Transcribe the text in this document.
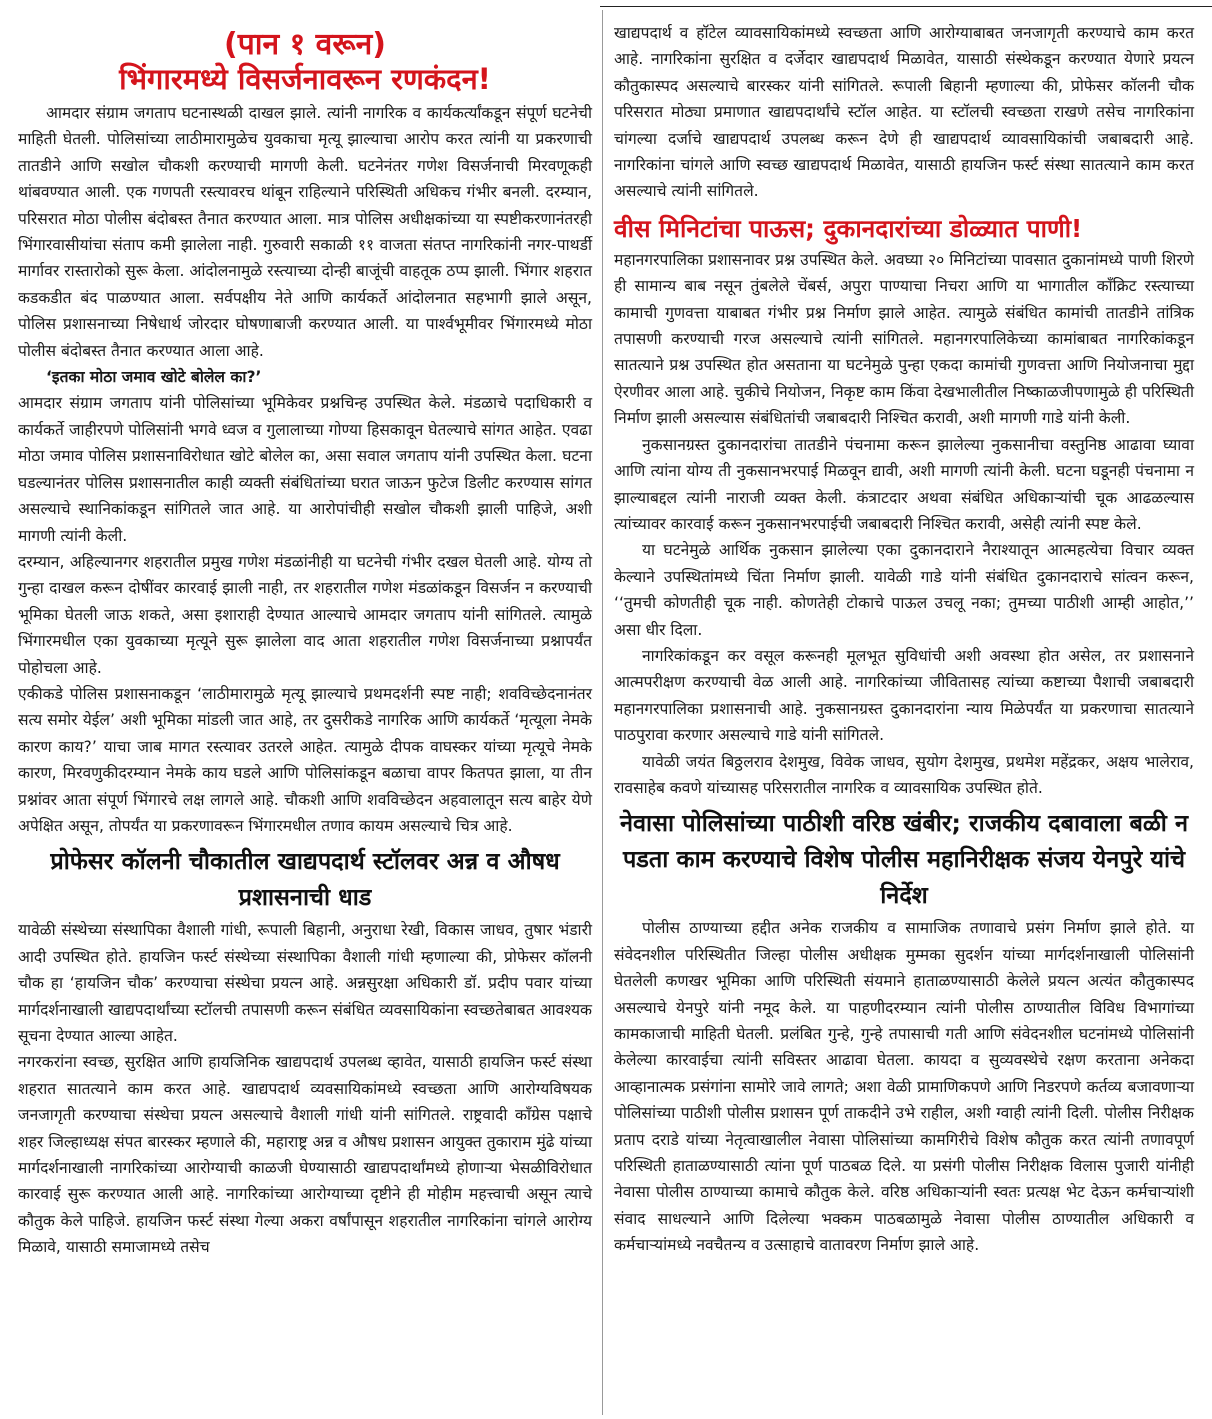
(पान १ वरून)
भिंगारमध्ये विसर्जनावरून रणकंदन!

आमदार संग्राम जगताप घटनास्थळी दाखल झाले. त्यांनी नागरिक व कार्यकर्त्यांकडून संपूर्ण घटनेची माहिती घेतली. पोलिसांच्या लाठीमारामुळेच युवकाचा मृत्यू झाल्याचा आरोप करत त्यांनी या प्रकरणाची तातडीने आणि सखोल चौकशी करण्याची मागणी केली. घटनेनंतर गणेश विसर्जनाची मिरवणूकही थांबवण्यात आली. एक गणपती रस्त्यावरच थांबून राहिल्याने परिस्थिती अधिकच गंभीर बनली. दरम्यान, परिसरात मोठा पोलीस बंदोबस्त तैनात करण्यात आला. मात्र पोलिस अधीक्षकांच्या या स्पष्टीकरणानंतरही भिंगारवासीयांचा संताप कमी झालेला नाही. गुरुवारी सकाळी ११ वाजता संतप्त नागरिकांनी नगर-पाथर्डी मार्गावर रास्तारोको सुरू केला. आंदोलनामुळे रस्त्याच्या दोन्ही बाजूंची वाहतूक ठप्प झाली. भिंगार शहरात कडकडीत बंद पाळण्यात आला. सर्वपक्षीय नेते आणि कार्यकर्ते आंदोलनात सहभागी झाले असून, पोलिस प्रशासनाच्या निषेधार्थ जोरदार घोषणाबाजी करण्यात आली. या पार्श्वभूमीवर भिंगारमध्ये मोठा पोलीस बंदोबस्त तैनात करण्यात आला आहे.

‘इतका मोठा जमाव खोटे बोलेल का?’

आमदार संग्राम जगताप यांनी पोलिसांच्या भूमिकेवर प्रश्नचिन्ह उपस्थित केले. मंडळाचे पदाधिकारी व कार्यकर्ते जाहीरपणे पोलिसांनी भगवे ध्वज व गुलालाच्या गोण्या हिसकावून घेतल्याचे सांगत आहेत. एवढा मोठा जमाव पोलिस प्रशासनाविरोधात खोटे बोलेल का, असा सवाल जगताप यांनी उपस्थित केला. घटना घडल्यानंतर पोलिस प्रशासनातील काही व्यक्ती संबंधितांच्या घरात जाऊन फुटेज डिलीट करण्यास सांगत असल्याचे स्थानिकांकडून सांगितले जात आहे. या आरोपांचीही सखोल चौकशी झाली पाहिजे, अशी मागणी त्यांनी केली.

दरम्यान, अहिल्यानगर शहरातील प्रमुख गणेश मंडळांनीही या घटनेची गंभीर दखल घेतली आहे. योग्य तो गुन्हा दाखल करून दोषींवर कारवाई झाली नाही, तर शहरातील गणेश मंडळांकडून विसर्जन न करण्याची भूमिका घेतली जाऊ शकते, असा इशाराही देण्यात आल्याचे आमदार जगताप यांनी सांगितले. त्यामुळे भिंगारमधील एका युवकाच्या मृत्यूने सुरू झालेला वाद आता शहरातील गणेश विसर्जनाच्या प्रश्नापर्यंत पोहोचला आहे.

एकीकडे पोलिस प्रशासनाकडून ‘लाठीमारामुळे मृत्यू झाल्याचे प्रथमदर्शनी स्पष्ट नाही; शवविच्छेदनानंतर सत्य समोर येईल’ अशी भूमिका मांडली जात आहे, तर दुसरीकडे नागरिक आणि कार्यकर्ते ‘मृत्यूला नेमके कारण काय?’ याचा जाब मागत रस्त्यावर उतरले आहेत. त्यामुळे दीपक वाघस्कर यांच्या मृत्यूचे नेमके कारण, मिरवणुकीदरम्यान नेमके काय घडले आणि पोलिसांकडून बळाचा वापर कितपत झाला, या तीन प्रश्नांवर आता संपूर्ण भिंगारचे लक्ष लागले आहे. चौकशी आणि शवविच्छेदन अहवालातून सत्य बाहेर येणे अपेक्षित असून, तोपर्यंत या प्रकरणावरून भिंगारमधील तणाव कायम असल्याचे चित्र आहे.

प्रोफेसर कॉलनी चौकातील खाद्यपदार्थ स्टॉलवर अन्न व औषध प्रशासनाची धाड

यावेळी संस्थेच्या संस्थापिका वैशाली गांधी, रूपाली बिहानी, अनुराधा रेखी, विकास जाधव, तुषार भंडारी आदी उपस्थित होते. हायजिन फर्स्ट संस्थेच्या संस्थापिका वैशाली गांधी म्हणाल्या की, प्रोफेसर कॉलनी चौक हा ‘हायजिन चौक’ करण्याचा संस्थेचा प्रयत्न आहे. अन्नसुरक्षा अधिकारी डॉ. प्रदीप पवार यांच्या मार्गदर्शनाखाली खाद्यपदार्थांच्या स्टॉलची तपासणी करून संबंधित व्यवसायिकांना स्वच्छतेबाबत आवश्यक सूचना देण्यात आल्या आहेत.

नगरकरांना स्वच्छ, सुरक्षित आणि हायजिनिक खाद्यपदार्थ उपलब्ध व्हावेत, यासाठी हायजिन फर्स्ट संस्था शहरात सातत्याने काम करत आहे. खाद्यपदार्थ व्यवसायिकांमध्ये स्वच्छता आणि आरोग्यविषयक जनजागृती करण्याचा संस्थेचा प्रयत्न असल्याचे वैशाली गांधी यांनी सांगितले. राष्ट्रवादी काँग्रेस पक्षाचे शहर जिल्हाध्यक्ष संपत बारस्कर म्हणाले की, महाराष्ट्र अन्न व औषध प्रशासन आयुक्त तुकाराम मुंढे यांच्या मार्गदर्शनाखाली नागरिकांच्या आरोग्याची काळजी घेण्यासाठी खाद्यपदार्थांमध्ये होणाऱ्या भेसळीविरोधात कारवाई सुरू करण्यात आली आहे. नागरिकांच्या आरोग्याच्या दृष्टीने ही मोहीम महत्त्वाची असून त्याचे कौतुक केले पाहिजे. हायजिन फर्स्ट संस्था गेल्या अकरा वर्षांपासून शहरातील नागरिकांना चांगले आरोग्य मिळावे, यासाठी समाजामध्ये तसेच

खाद्यपदार्थ व हॉटेल व्यावसायिकांमध्ये स्वच्छता आणि आरोग्याबाबत जनजागृती करण्याचे काम करत आहे. नागरिकांना सुरक्षित व दर्जेदार खाद्यपदार्थ मिळावेत, यासाठी संस्थेकडून करण्यात येणारे प्रयत्न कौतुकास्पद असल्याचे बारस्कर यांनी सांगितले. रूपाली बिहानी म्हणाल्या की, प्रोफेसर कॉलनी चौक परिसरात मोठ्या प्रमाणात खाद्यपदार्थांचे स्टॉल आहेत. या स्टॉलची स्वच्छता राखणे तसेच नागरिकांना चांगल्या दर्जाचे खाद्यपदार्थ उपलब्ध करून देणे ही खाद्यपदार्थ व्यावसायिकांची जबाबदारी आहे. नागरिकांना चांगले आणि स्वच्छ खाद्यपदार्थ मिळावेत, यासाठी हायजिन फर्स्ट संस्था सातत्याने काम करत असल्याचे त्यांनी सांगितले.

वीस मिनिटांचा पाऊस; दुकानदारांच्या डोळ्यात पाणी!

महानगरपालिका प्रशासनावर प्रश्न उपस्थित केले. अवघ्या २० मिनिटांच्या पावसात दुकानांमध्ये पाणी शिरणे ही सामान्य बाब नसून तुंबलेले चेंबर्स, अपुरा पाण्याचा निचरा आणि या भागातील कॉंक्रिट रस्त्याच्या कामाची गुणवत्ता याबाबत गंभीर प्रश्न निर्माण झाले आहेत. त्यामुळे संबंधित कामांची तातडीने तांत्रिक तपासणी करण्याची गरज असल्याचे त्यांनी सांगितले. महानगरपालिकेच्या कामांबाबत नागरिकांकडून सातत्याने प्रश्न उपस्थित होत असताना या घटनेमुळे पुन्हा एकदा कामांची गुणवत्ता आणि नियोजनाचा मुद्दा ऐरणीवर आला आहे. चुकीचे नियोजन, निकृष्ट काम किंवा देखभालीतील निष्काळजीपणामुळे ही परिस्थिती निर्माण झाली असल्यास संबंधितांची जबाबदारी निश्चित करावी, अशी मागणी गाडे यांनी केली.

नुकसानग्रस्त दुकानदारांचा तातडीने पंचनामा करून झालेल्या नुकसानीचा वस्तुनिष्ठ आढावा घ्यावा आणि त्यांना योग्य ती नुकसानभरपाई मिळवून द्यावी, अशी मागणी त्यांनी केली. घटना घडूनही पंचनामा न झाल्याबद्दल त्यांनी नाराजी व्यक्त केली. कंत्राटदार अथवा संबंधित अधिकाऱ्यांची चूक आढळल्यास त्यांच्यावर कारवाई करून नुकसानभरपाईची जबाबदारी निश्चित करावी, असेही त्यांनी स्पष्ट केले.

या घटनेमुळे आर्थिक नुकसान झालेल्या एका दुकानदाराने नैराश्यातून आत्महत्येचा विचार व्यक्त केल्याने उपस्थितांमध्ये चिंता निर्माण झाली. यावेळी गाडे यांनी संबंधित दुकानदाराचे सांत्वन करून, ‘‘तुमची कोणतीही चूक नाही. कोणतेही टोकाचे पाऊल उचलू नका; तुमच्या पाठीशी आम्ही आहोत,’’ असा धीर दिला.

नागरिकांकडून कर वसूल करूनही मूलभूत सुविधांची अशी अवस्था होत असेल, तर प्रशासनाने आत्मपरीक्षण करण्याची वेळ आली आहे. नागरिकांच्या जीवितासह त्यांच्या कष्टाच्या पैशाची जबाबदारी महानगरपालिका प्रशासनाची आहे. नुकसानग्रस्त दुकानदारांना न्याय मिळेपर्यंत या प्रकरणाचा सातत्याने पाठपुरावा करणार असल्याचे गाडे यांनी सांगितले.

यावेळी जयंत बिठ्ठलराव देशमुख, विवेक जाधव, सुयोग देशमुख, प्रथमेश महेंद्रकर, अक्षय भालेराव, रावसाहेब कवणे यांच्यासह परिसरातील नागरिक व व्यावसायिक उपस्थित होते.

नेवासा पोलिसांच्या पाठीशी वरिष्ठ खंबीर; राजकीय दबावाला बळी न पडता काम करण्याचे विशेष पोलीस महानिरीक्षक संजय येनपुरे यांचे निर्देश

पोलीस ठाण्याच्या हद्दीत अनेक राजकीय व सामाजिक तणावाचे प्रसंग निर्माण झाले होते. या संवेदनशील परिस्थितीत जिल्हा पोलीस अधीक्षक मुम्मका सुदर्शन यांच्या मार्गदर्शनाखाली पोलिसांनी घेतलेली कणखर भूमिका आणि परिस्थिती संयमाने हाताळण्यासाठी केलेले प्रयत्न अत्यंत कौतुकास्पद असल्याचे येनपुरे यांनी नमूद केले. या पाहणीदरम्यान त्यांनी पोलीस ठाण्यातील विविध विभागांच्या कामकाजाची माहिती घेतली. प्रलंबित गुन्हे, गुन्हे तपासाची गती आणि संवेदनशील घटनांमध्ये पोलिसांनी केलेल्या कारवाईचा त्यांनी सविस्तर आढावा घेतला. कायदा व सुव्यवस्थेचे रक्षण करताना अनेकदा आव्हानात्मक प्रसंगांना सामोरे जावे लागते; अशा वेळी प्रामाणिकपणे आणि निडरपणे कर्तव्य बजावणाऱ्या पोलिसांच्या पाठीशी पोलीस प्रशासन पूर्ण ताकदीने उभे राहील, अशी ग्वाही त्यांनी दिली. पोलीस निरीक्षक प्रताप दराडे यांच्या नेतृत्वाखालील नेवासा पोलिसांच्या कामगिरीचे विशेष कौतुक करत त्यांनी तणावपूर्ण परिस्थिती हाताळण्यासाठी त्यांना पूर्ण पाठबळ दिले. या प्रसंगी पोलीस निरीक्षक विलास पुजारी यांनीही नेवासा पोलीस ठाण्याच्या कामाचे कौतुक केले. वरिष्ठ अधिकाऱ्यांनी स्वतः प्रत्यक्ष भेट देऊन कर्मचाऱ्यांशी संवाद साधल्याने आणि दिलेल्या भक्कम पाठबळामुळे नेवासा पोलीस ठाण्यातील अधिकारी व कर्मचाऱ्यांमध्ये नवचैतन्य व उत्साहाचे वातावरण निर्माण झाले आहे.
